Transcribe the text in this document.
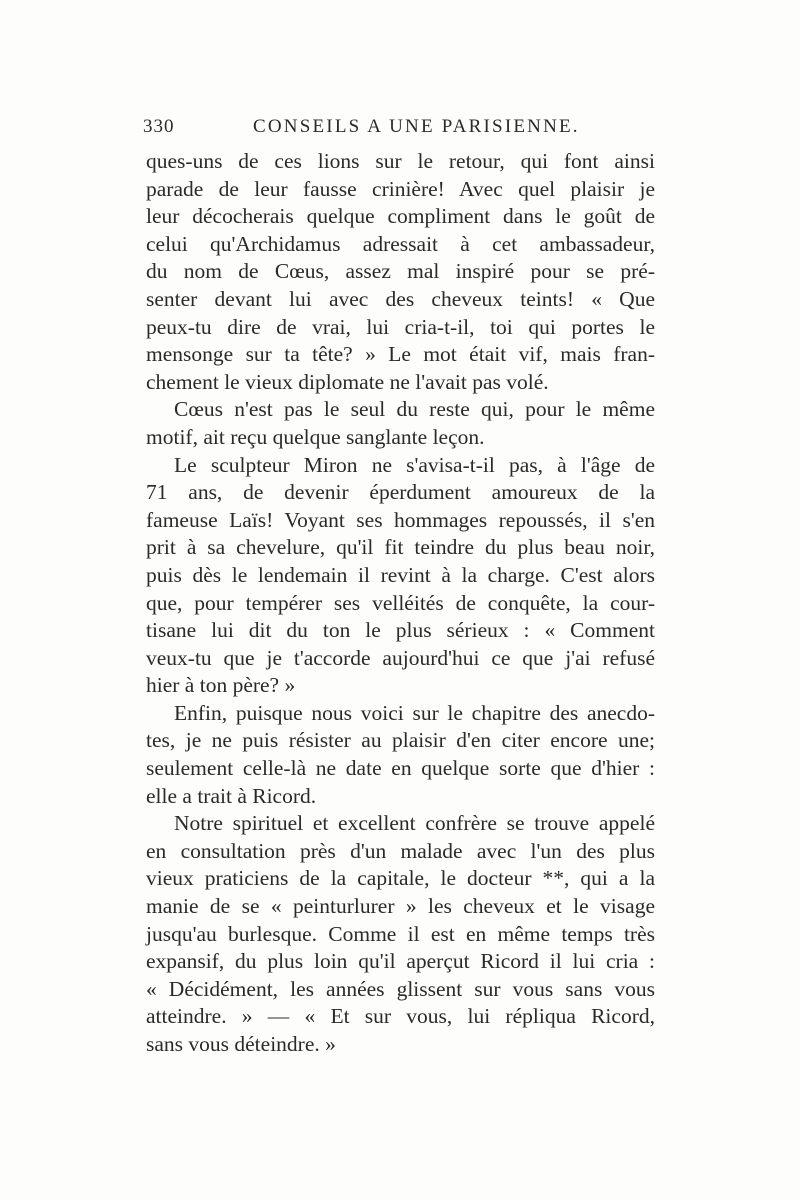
330	CONSEILS A UNE PARISIENNE.
ques-uns de ces lions sur le retour, qui font ainsi
parade de leur fausse crinière! Avec quel plaisir je
leur décocherais quelque compliment dans le goût de
celui qu'Archidamus adressait à cet ambassadeur,
du nom de Cœus, assez mal inspiré pour se pré-
senter devant lui avec des cheveux teints! « Que
peux-tu dire de vrai, lui cria-t-il, toi qui portes le
mensonge sur ta tête? » Le mot était vif, mais fran-
chement le vieux diplomate ne l'avait pas volé.
Cœus n'est pas le seul du reste qui, pour le même
motif, ait reçu quelque sanglante leçon.
Le sculpteur Miron ne s'avisa-t-il pas, à l'âge de
71 ans, de devenir éperdument amoureux de la
fameuse Laïs! Voyant ses hommages repoussés, il s'en
prit à sa chevelure, qu'il fit teindre du plus beau noir,
puis dès le lendemain il revint à la charge. C'est alors
que, pour tempérer ses velléités de conquête, la cour-
tisane lui dit du ton le plus sérieux : « Comment
veux-tu que je t'accorde aujourd'hui ce que j'ai refusé
hier à ton père? »
Enfin, puisque nous voici sur le chapitre des anecdo-
tes, je ne puis résister au plaisir d'en citer encore une;
seulement celle-là ne date en quelque sorte que d'hier :
elle a trait à Ricord.
Notre spirituel et excellent confrère se trouve appelé
en consultation près d'un malade avec l'un des plus
vieux praticiens de la capitale, le docteur **, qui a la
manie de se « peinturlurer » les cheveux et le visage
jusqu'au burlesque. Comme il est en même temps très
expansif, du plus loin qu'il aperçut Ricord il lui cria :
« Décidément, les années glissent sur vous sans vous
atteindre. » — « Et sur vous, lui répliqua Ricord,
sans vous déteindre. »
